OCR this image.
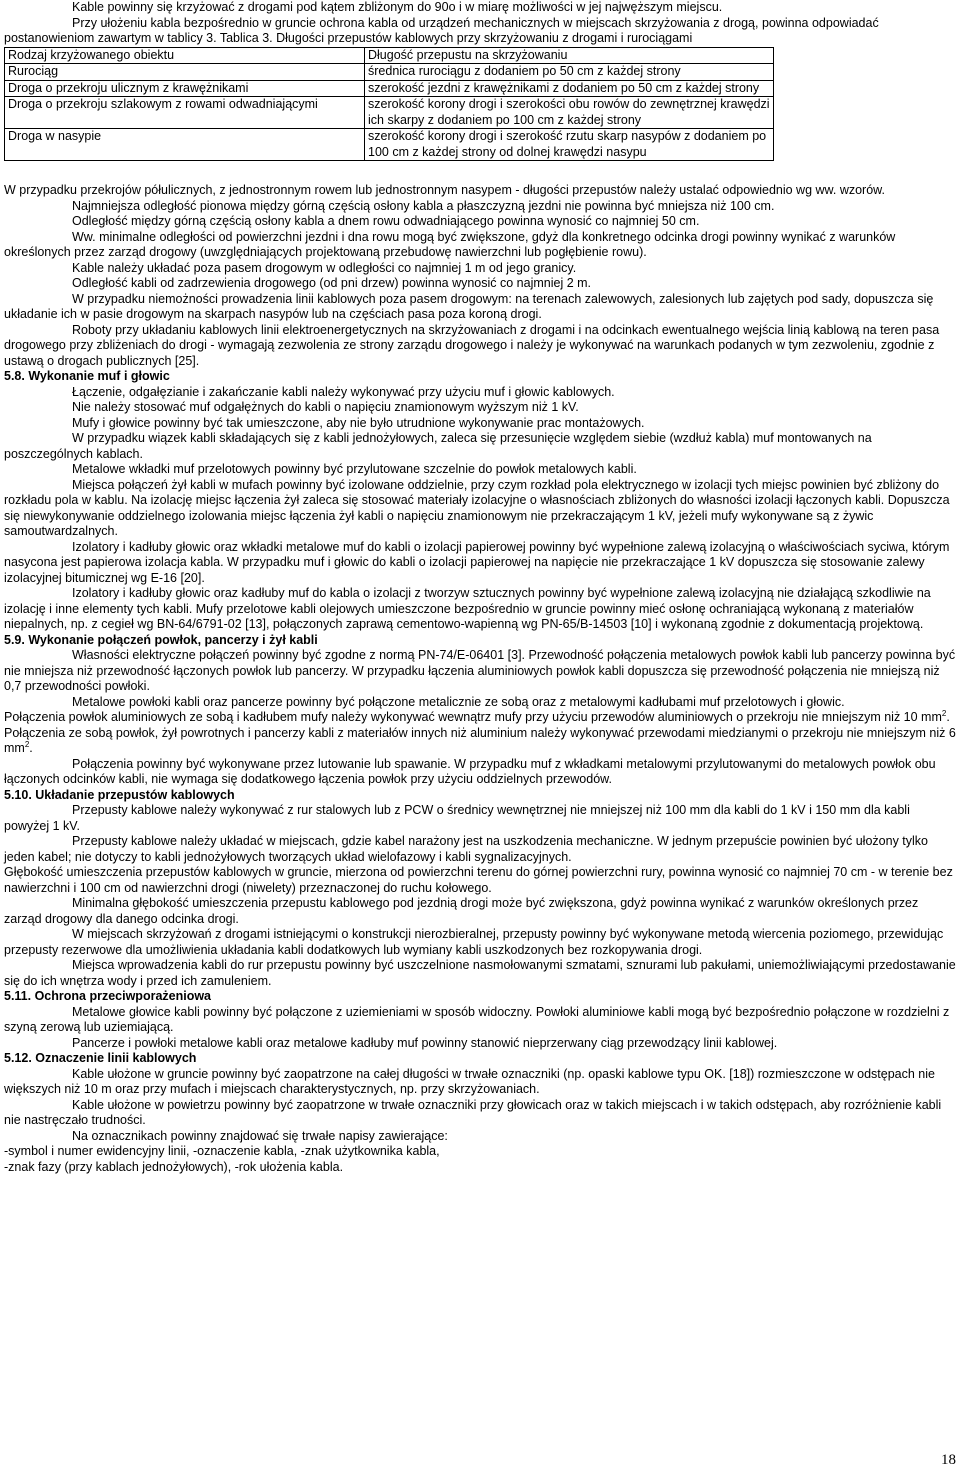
Kable powinny się krzyżować z drogami pod kątem zbliżonym do 90o i w miarę możliwości w jej najwęższym miejscu.

Przy ułożeniu kabla bezpośrednio w gruncie ochrona kabla od urządzeń mechanicznych w miejscach skrzyżowania z drogą, powinna odpowiadać postanowieniom zawartym w tablicy 3. Tablica 3. Długości przepustów kablowych przy skrzyżowaniu z drogami i rurociągami

Rodzaj krzyżowanego obiektu	Długość przepustu na skrzyżowaniu
Rurociąg	średnica rurociągu z dodaniem po 50 cm z każdej strony
Droga o przekroju ulicznym z krawężnikami	szerokość jezdni z krawężnikami z dodaniem po 50 cm z każdej strony
Droga o przekroju szlakowym z rowami odwadniającymi	szerokość korony drogi i szerokości obu rowów do zewnętrznej krawędzi ich skarpy z dodaniem po 100 cm z każdej strony
Droga w nasypie	szerokość korony drogi i szerokość rzutu skarp nasypów z dodaniem po 100 cm z każdej strony od dolnej krawędzi nasypu

W przypadku przekrojów półulicznych, z jednostronnym rowem lub jednostronnym nasypem - długości przepustów należy ustalać odpowiednio wg ww. wzorów.

Najmniejsza odległość pionowa między górną częścią osłony kabla a płaszczyzną jezdni nie powinna być mniejsza niż 100 cm.

Odległość między górną częścią osłony kabla a dnem rowu odwadniającego powinna wynosić co najmniej 50 cm.

Ww. minimalne odległości od powierzchni jezdni i dna rowu mogą być zwiększone, gdyż dla konkretnego odcinka drogi powinny wynikać z warunków określonych przez zarząd drogowy (uwzględniających projektowaną przebudowę nawierzchni lub pogłębienie rowu).

Kable należy układać poza pasem drogowym w odległości co najmniej 1 m od jego granicy.

Odległość kabli od zadrzewienia drogowego (od pni drzew) powinna wynosić co najmniej 2 m.

W przypadku niemożności prowadzenia linii kablowych poza pasem drogowym: na terenach zalewowych, zalesionych lub zajętych pod sady, dopuszcza się układanie ich w pasie drogowym na skarpach nasypów lub na częściach pasa poza koroną drogi.

Roboty przy układaniu kablowych linii elektroenergetycznych na skrzyżowaniach z drogami i na odcinkach ewentualnego wejścia linią kablową na teren pasa drogowego przy zbliżeniach do drogi - wymagają zezwolenia ze strony zarządu drogowego i należy je wykonywać na warunkach podanych w tym zezwoleniu, zgodnie z ustawą o drogach publicznych [25].

5.8. Wykonanie muf i głowic

Łączenie, odgałęzianie i zakańczanie kabli należy wykonywać przy użyciu muf i głowic kablowych.

Nie należy stosować muf odgałężnych do kabli o napięciu znamionowym wyższym niż 1 kV.

Mufy i głowice powinny być tak umieszczone, aby nie było utrudnione wykonywanie prac montażowych.

W przypadku wiązek kabli składających się z kabli jednożyłowych, zaleca się przesunięcie względem siebie (wzdłuż kabla) muf montowanych na poszczególnych kablach.

Metalowe wkładki muf przelotowych powinny być przylutowane szczelnie do powłok metalowych kabli.

Miejsca połączeń żył kabli w mufach powinny być izolowane oddzielnie, przy czym rozkład pola elektrycznego w izolacji tych miejsc powinien być zbliżony do rozkładu pola w kablu. Na izolację miejsc łączenia żył zaleca się stosować materiały izolacyjne o własnościach zbliżonych do własności izolacji łączonych kabli. Dopuszcza się niewykonywanie oddzielnego izolowania miejsc łączenia żył kabli o napięciu znamionowym nie przekraczającym 1 kV, jeżeli mufy wykonywane są z żywic samoutwardzalnych.

Izolatory i kadłuby głowic oraz wkładki metalowe muf do kabli o izolacji papierowej powinny być wypełnione zalewą izolacyjną o właściwościach syciwa, którym nasycona jest papierowa izolacja kabla. W przypadku muf i głowic do kabli o izolacji papierowej na napięcie nie przekraczające 1 kV dopuszcza się stosowanie zalewy izolacyjnej bitumicznej wg E-16 [20].

Izolatory i kadłuby głowic oraz kadłuby muf do kabla o izolacji z tworzyw sztucznych powinny być wypełnione zalewą izolacyjną nie działającą szkodliwie na izolację i inne elementy tych kabli. Mufy przelotowe kabli olejowych umieszczone bezpośrednio w gruncie powinny mieć osłonę ochraniającą wykonaną z materiałów niepalnych, np. z cegieł wg BN-64/6791-02 [13], połączonych zaprawą cementowo-wapienną wg PN-65/B-14503 [10] i wykonaną zgodnie z dokumentacją projektową.

5.9. Wykonanie połączeń powłok, pancerzy i żył kabli

Własności elektryczne połączeń powinny być zgodne z normą PN-74/E-06401 [3]. Przewodność połączenia metalowych powłok kabli lub pancerzy powinna być nie mniejsza niż przewodność łączonych powłok lub pancerzy. W przypadku łączenia aluminiowych powłok kabli dopuszcza się przewodność połączenia nie mniejszą niż 0,7 przewodności powłoki.

Metalowe powłoki kabli oraz pancerze powinny być połączone metalicznie ze sobą oraz z metalowymi kadłubami muf przelotowych i głowic.

Połączenia powłok aluminiowych ze sobą i kadłubem mufy należy wykonywać wewnątrz mufy przy użyciu przewodów aluminiowych o przekroju nie mniejszym niż 10 $mm^2$. Połączenia ze sobą powłok, żył powrotnych i pancerzy kabli z materiałów innych niż aluminium należy wykonywać przewodami miedzianymi o przekroju nie mniejszym niż 6 $mm^2$.

Połączenia powinny być wykonywane przez lutowanie lub spawanie. W przypadku muf z wkładkami metalowymi przylutowanymi do metalowych powłok obu łączonych odcinków kabli, nie wymaga się dodatkowego łączenia powłok przy użyciu oddzielnych przewodów.

5.10. Układanie przepustów kablowych

Przepusty kablowe należy wykonywać z rur stalowych lub z PCW o średnicy wewnętrznej nie mniejszej niż 100 mm dla kabli do 1 kV i 150 mm dla kabli powyżej 1 kV.

Przepusty kablowe należy układać w miejscach, gdzie kabel narażony jest na uszkodzenia mechaniczne. W jednym przepuście powinien być ułożony tylko jeden kabel; nie dotyczy to kabli jednożyłowych tworzących układ wielofazowy i kabli sygnalizacyjnych.

Głębokość umieszczenia przepustów kablowych w gruncie, mierzona od powierzchni terenu do górnej powierzchni rury, powinna wynosić co najmniej 70 cm - w terenie bez nawierzchni i 100 cm od nawierzchni drogi (niwelety) przeznaczonej do ruchu kołowego.

Minimalna głębokość umieszczenia przepustu kablowego pod jezdnią drogi może być zwiększona, gdyż powinna wynikać z warunków określonych przez zarząd drogowy dla danego odcinka drogi.

W miejscach skrzyżowań z drogami istniejącymi o konstrukcji nierozbieralnej, przepusty powinny być wykonywane metodą wiercenia poziomego, przewidując przepusty rezerwowe dla umożliwienia układania kabli dodatkowych lub wymiany kabli uszkodzonych bez rozkopywania drogi.

Miejsca wprowadzenia kabli do rur przepustu powinny być uszczelnione nasmołowanymi szmatami, sznurami lub pakułami, uniemożliwiającymi przedostawanie się do ich wnętrza wody i przed ich zamuleniem.

5.11. Ochrona przeciwporażeniowa

Metalowe głowice kabli powinny być połączone z uziemieniami w sposób widoczny. Powłoki aluminiowe kabli mogą być bezpośrednio połączone w rozdzielni z szyną zerową lub uziemiającą.

Pancerze i powłoki metalowe kabli oraz metalowe kadłuby muf powinny stanowić nieprzerwany ciąg przewodzący linii kablowej.

5.12. Oznaczenie linii kablowych

Kable ułożone w gruncie powinny być zaopatrzone na całej długości w trwałe oznaczniki (np. opaski kablowe typu OK. [18]) rozmieszczone w odstępach nie większych niż 10 m oraz przy mufach i miejscach charakterystycznych, np. przy skrzyżowaniach.

Kable ułożone w powietrzu powinny być zaopatrzone w trwałe oznaczniki przy głowicach oraz w takich miejscach i w takich odstępach, aby rozróżnienie kabli nie nastręczało trudności.

Na oznacznikach powinny znajdować się trwałe napisy zawierające:

-symbol i numer ewidencyjny linii, -oznaczenie kabla, -znak użytkownika kabla,

-znak fazy (przy kablach jednożyłowych), -rok ułożenia kabla.

18
